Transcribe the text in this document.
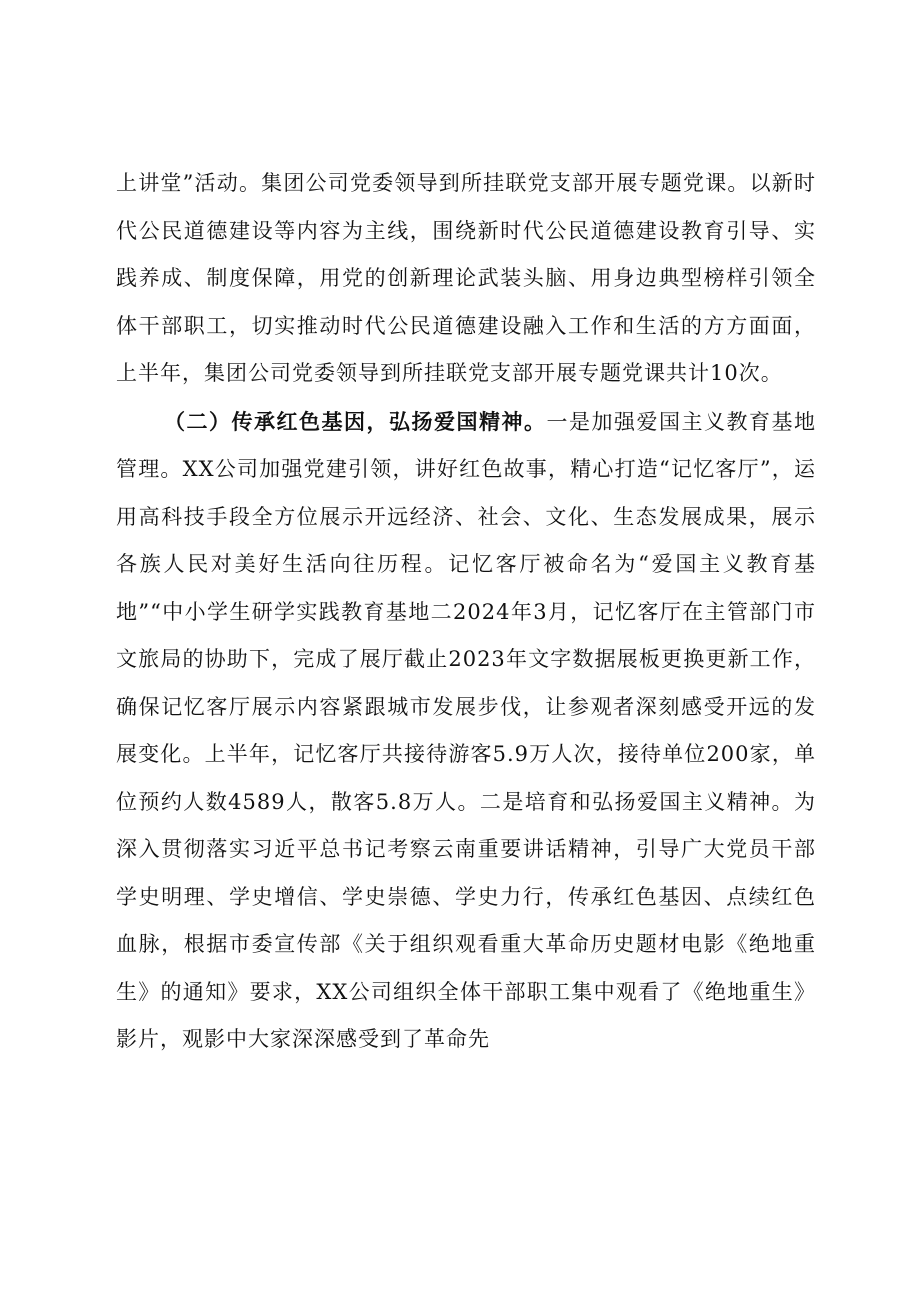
上讲堂”活动。集团公司党委领导到所挂联党支部开展专题党课。以新时代公民道德建设等内容为主线，围绕新时代公民道德建设教育引导、实践养成、制度保障，用党的创新理论武装头脑、用身边典型榜样引领全体干部职工，切实推动时代公民道德建设融入工作和生活的方方面面，上半年，集团公司党委领导到所挂联党支部开展专题党课共计10次。

（二）传承红色基因，弘扬爱国精神。一是加强爱国主义教育基地管理。XX公司加强党建引领，讲好红色故事，精心打造“记忆客厅”，运用高科技手段全方位展示开远经济、社会、文化、生态发展成果，展示各族人民对美好生活向往历程。记忆客厅被命名为“爱国主义教育基地”“中小学生研学实践教育基地二2024年3月，记忆客厅在主管部门市文旅局的协助下，完成了展厅截止2023年文字数据展板更换更新工作，确保记忆客厅展示内容紧跟城市发展步伐，让参观者深刻感受开远的发展变化。上半年，记忆客厅共接待游客5.9万人次，接待单位200家，单位预约人数4589人，散客5.8万人。二是培育和弘扬爱国主义精神。为深入贯彻落实习近平总书记考察云南重要讲话精神，引导广大党员干部学史明理、学史增信、学史崇德、学史力行，传承红色基因、点续红色血脉，根据市委宣传部《关于组织观看重大革命历史题材电影《绝地重生》的通知》要求，XX公司组织全体干部职工集中观看了《绝地重生》影片，观影中大家深深感受到了革命先
